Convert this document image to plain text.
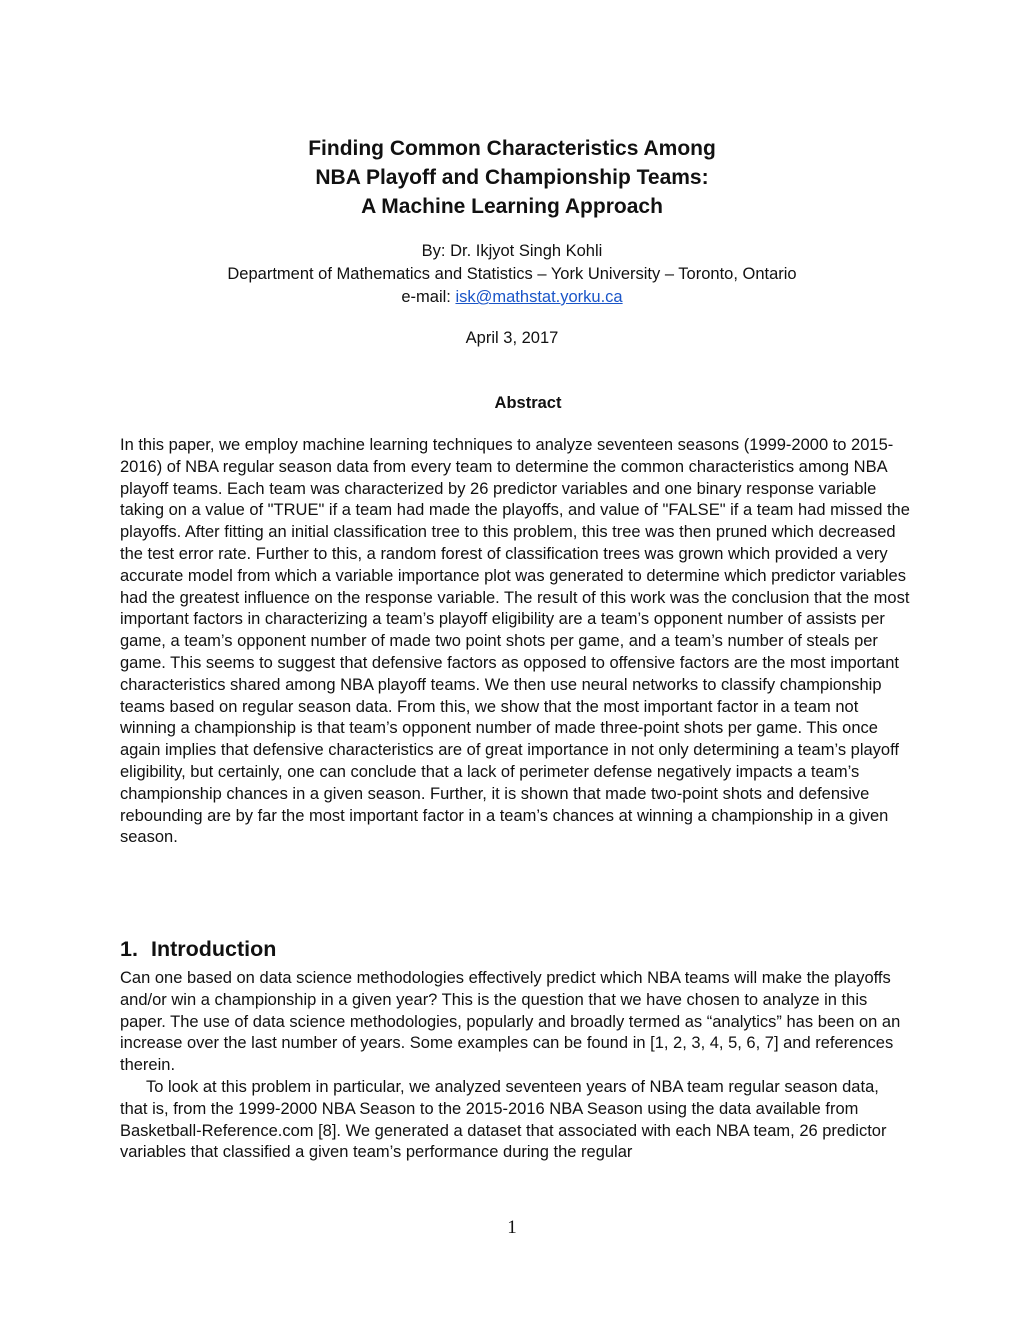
Finding Common Characteristics Among
NBA Playoff and Championship Teams:
A Machine Learning Approach
By: Dr. Ikjyot Singh Kohli
Department of Mathematics and Statistics – York University – Toronto, Ontario
e-mail: isk@mathstat.yorku.ca
April 3, 2017
Abstract

In this paper, we employ machine learning techniques to analyze seventeen seasons (1999-2000 to 2015-2016) of NBA regular season data from every team to determine the common characteristics among NBA playoff teams. Each team was characterized by 26 predictor variables and one binary response variable taking on a value of "TRUE" if a team had made the playoffs, and value of "FALSE" if a team had missed the playoffs. After fitting an initial classification tree to this problem, this tree was then pruned which decreased the test error rate. Further to this, a random forest of classification trees was grown which provided a very accurate model from which a variable importance plot was generated to determine which predictor variables had the greatest influence on the response variable. The result of this work was the conclusion that the most important factors in characterizing a team’s playoff eligibility are a team’s opponent number of assists per game, a team’s opponent number of made two point shots per game, and a team’s number of steals per game. This seems to suggest that defensive factors as opposed to offensive factors are the most important characteristics shared among NBA playoff teams. We then use neural networks to classify championship teams based on regular season data. From this, we show that the most important factor in a team not winning a championship is that team’s opponent number of made three-point shots per game. This once again implies that defensive characteristics are of great importance in not only determining a team’s playoff eligibility, but certainly, one can conclude that a lack of perimeter defense negatively impacts a team’s championship chances in a given season. Further, it is shown that made two-point shots and defensive rebounding are by far the most important factor in a team’s chances at winning a championship in a given season.

1. Introduction

Can one based on data science methodologies effectively predict which NBA teams will make the playoffs and/or win a championship in a given year? This is the question that we have chosen to analyze in this paper. The use of data science methodologies, popularly and broadly termed as “analytics” has been on an increase over the last number of years. Some examples can be found in [1, 2, 3, 4, 5, 6, 7] and references therein.

To look at this problem in particular, we analyzed seventeen years of NBA team regular season data, that is, from the 1999-2000 NBA Season to the 2015-2016 NBA Season using the data available from Basketball-Reference.com [8]. We generated a dataset that associated with each NBA team, 26 predictor variables that classified a given team’s performance during the regular

1
